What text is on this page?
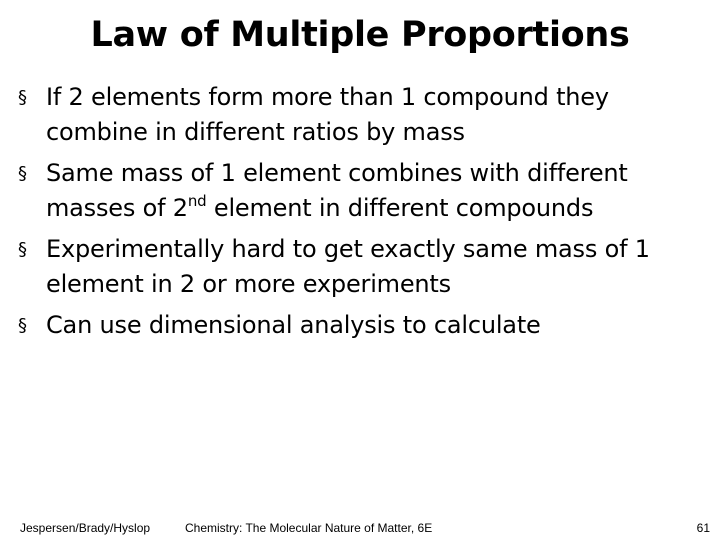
Law of Multiple Proportions
§ If 2 elements form more than 1 compound they combine in different ratios by mass
§ Same mass of 1 element combines with different masses of 2nd element in different compounds
§ Experimentally hard to get exactly same mass of 1 element in 2 or more experiments
§ Can use dimensional analysis to calculate
Jespersen/Brady/Hyslop	Chemistry: The Molecular Nature of Matter, 6E	61
